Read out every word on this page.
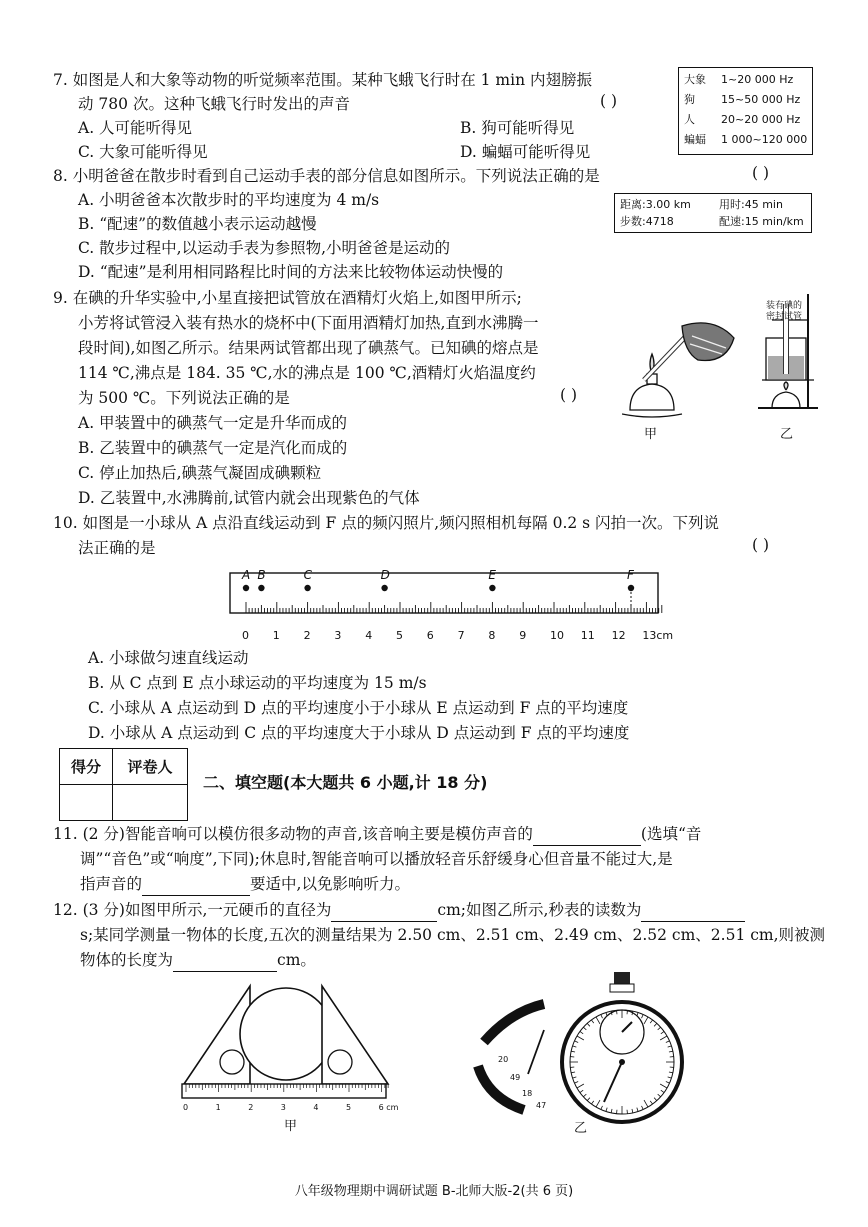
7. 如图是人和大象等动物的听觉频率范围。某种飞蛾飞行时在 1 min 内翅膀振
动 780 次。这种飞蛾飞行时发出的声音	( )
A. 人可能听得见	B. 狗可能听得见
C. 大象可能听得见	D. 蝙蝠可能听得见
大象 1~20 000 Hz
狗 15~50 000 Hz
人 20~20 000 Hz
蝙蝠 1 000~120 000
8. 小明爸爸在散步时看到自己运动手表的部分信息如图所示。下列说法正确的是	( )
A. 小明爸爸本次散步时的平均速度为 4 m/s
B. “配速”的数值越小表示运动越慢
C. 散步过程中,以运动手表为参照物,小明爸爸是运动的
D. “配速”是利用相同路程比时间的方法来比较物体运动快慢的
距离:3.00 km	用时:45 min
步数:4718	配速:15 min/km
9. 在碘的升华实验中,小星直接把试管放在酒精灯火焰上,如图甲所示;
小芳将试管浸入装有热水的烧杯中(下面用酒精灯加热,直到水沸腾一
段时间),如图乙所示。结果两试管都出现了碘蒸气。已知碘的熔点是
114 ℃,沸点是 184. 35 ℃,水的沸点是 100 ℃,酒精灯火焰温度约
为 500 ℃。下列说法正确的是	( )
A. 甲装置中的碘蒸气一定是升华而成的
B. 乙装置中的碘蒸气一定是汽化而成的
C. 停止加热后,碘蒸气凝固成碘颗粒
D. 乙装置中,水沸腾前,试管内就会出现紫色的气体
装有碘的
密封试管
甲	乙
10. 如图是一小球从 A 点沿直线运动到 F 点的频闪照片,频闪照相机每隔 0.2 s 闪拍一次。下列说
法正确的是	( )
0 1 2 3 4 5 6 7 8 9 10 11 12 13cm
A B	C	D	E	F
A. 小球做匀速直线运动
B. 从 C 点到 E 点小球运动的平均速度为 15 m/s
C. 小球从 A 点运动到 D 点的平均速度小于小球从 E 点运动到 F 点的平均速度
D. 小球从 A 点运动到 C 点的平均速度大于小球从 D 点运动到 F 点的平均速度
得分	评卷人

二、填空题(本大题共 6 小题,计 18 分)
11. (2 分)智能音响可以模仿很多动物的声音,该音响主要是模仿声音的	(选填“音
调”“音色”或“响度”,下同);休息时,智能音响可以播放轻音乐舒缓身心但音量不能过大,是
指声音的	要适中,以免影响听力。
12. (3 分)如图甲所示,一元硬币的直径为	cm;如图乙所示,秒表的读数为
s;某同学测量一物体的长度,五次的测量结果为 2.50 cm、2.51 cm、2.49 cm、2.52 cm、2.51 cm,则被测
物体的长度为	cm。
0	1	2	3	4	5	6 cm
甲
20
49
18
47
乙
八年级物理期中调研试题 B-北师大版-2(共 6 页)
